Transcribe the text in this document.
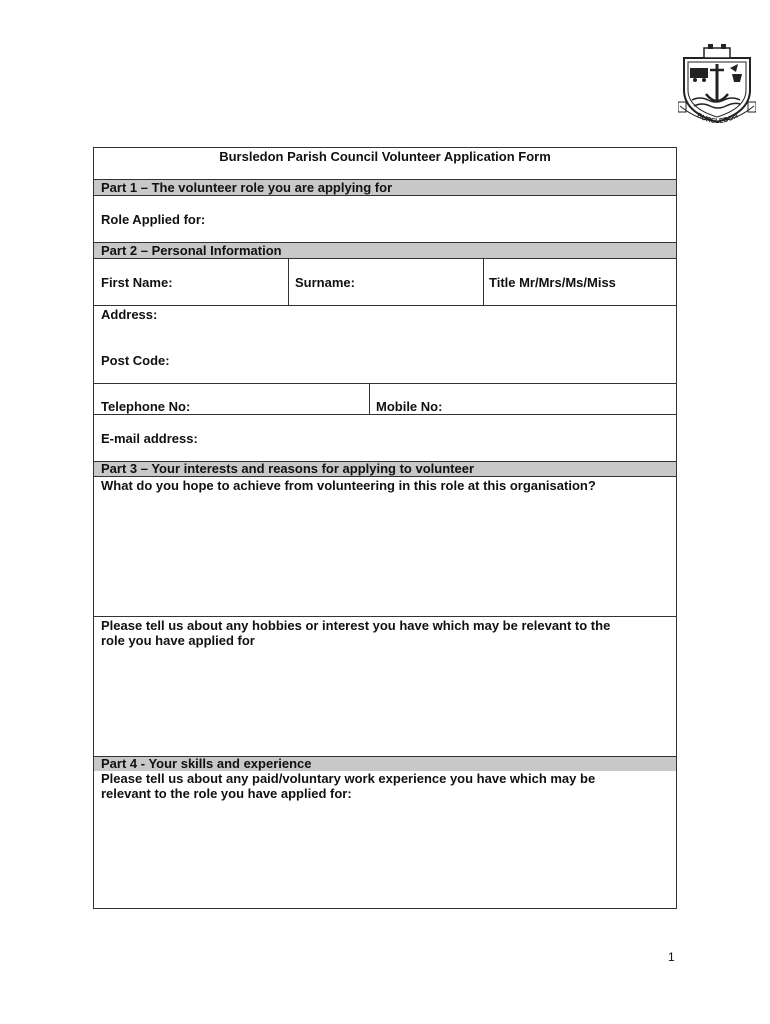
BURSLEDON
Bursledon Parish Council Volunteer Application Form
Part 1 – The volunteer role you are applying for
Role Applied for:
Part 2 – Personal Information
First Name:	Surname:	Title Mr/Mrs/Ms/Miss
Address:
Post Code:
Telephone No:	Mobile No:
E-mail address:
Part 3 – Your interests and reasons for applying to volunteer
What do you hope to achieve from volunteering in this role at this organisation?
Please tell us about any hobbies or interest you have which may be relevant to the
role you have applied for
Part 4 - Your skills and experience
Please tell us about any paid/voluntary work experience you have which may be
relevant to the role you have applied for:
1
